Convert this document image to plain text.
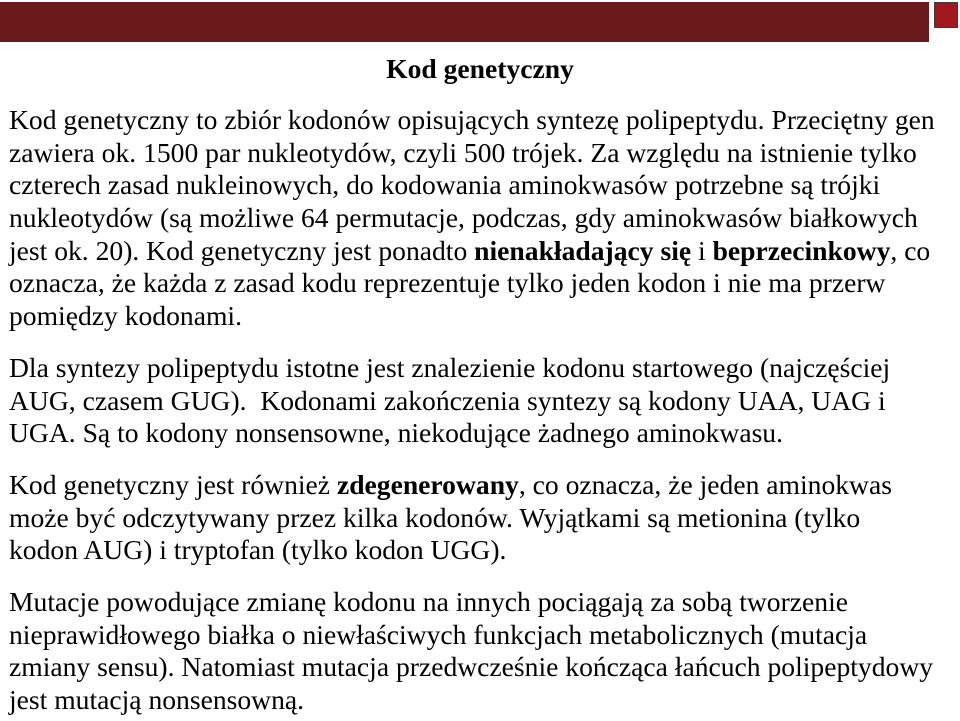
Kod genetyczny
Kod genetyczny to zbiór kodonów opisujących syntezę polipeptydu. Przeciętny gen
zawiera ok. 1500 par nukleotydów, czyli 500 trójek. Za względu na istnienie tylko
czterech zasad nukleinowych, do kodowania aminokwasów potrzebne są trójki
nukleotydów (są możliwe 64 permutacje, podczas, gdy aminokwasów białkowych
jest ok. 20). Kod genetyczny jest ponadto nienakładający się i beprzecinkowy, co
oznacza, że każda z zasad kodu reprezentuje tylko jeden kodon i nie ma przerw
pomiędzy kodonami.
Dla syntezy polipeptydu istotne jest znalezienie kodonu startowego (najczęściej
AUG, czasem GUG).  Kodonami zakończenia syntezy są kodony UAA, UAG i
UGA. Są to kodony nonsensowne, niekodujące żadnego aminokwasu.
Kod genetyczny jest również zdegenerowany, co oznacza, że jeden aminokwas
może być odczytywany przez kilka kodonów. Wyjątkami są metionina (tylko
kodon AUG) i tryptofan (tylko kodon UGG).
Mutacje powodujące zmianę kodonu na innych pociągają za sobą tworzenie
nieprawidłowego białka o niewłaściwych funkcjach metabolicznych (mutacja
zmiany sensu). Natomiast mutacja przedwcześnie kończąca łańcuch polipeptydowy
jest mutacją nonsensowną.
